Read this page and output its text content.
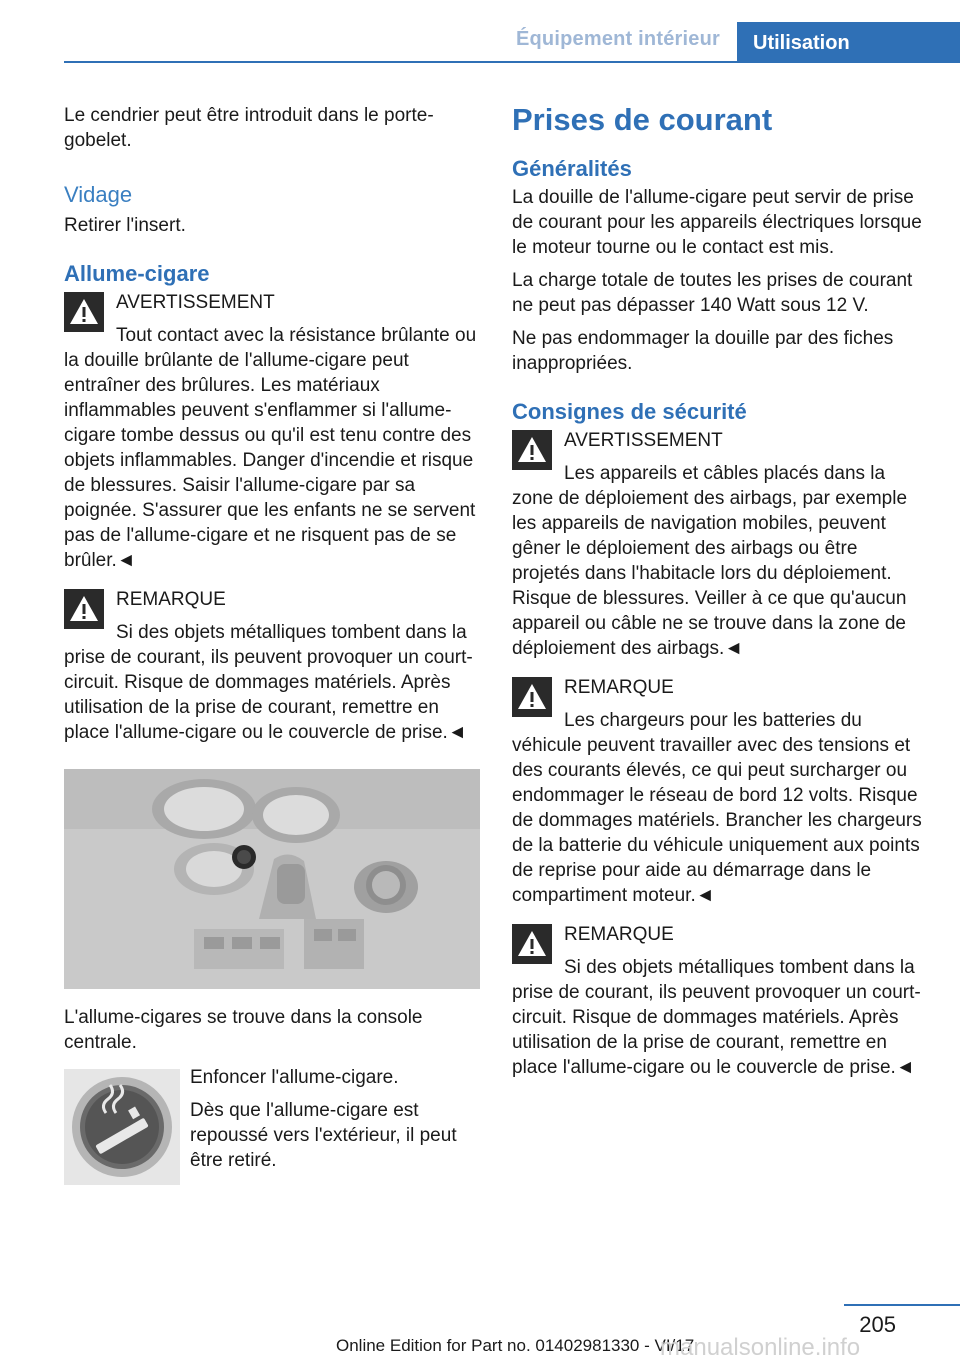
Équipement intérieur	Utilisation

Le cendrier peut être introduit dans le porte-gobelet.

Vidage

Retirer l'insert.

Allume-cigare
AVERTISSEMENT
Tout contact avec la résistance brûlante ou la douille brûlante de l'allume-cigare peut entraîner des brûlures. Les matériaux inflammables peuvent s'enflammer si l'allume-cigare tombe dessus ou qu'il est tenu contre des objets inflammables. Danger d'incendie et risque de blessures. Saisir l'allume-cigare par sa poignée. S'assurer que les enfants ne se servent pas de l'allume-cigare et ne risquent pas de se brûler.◄
REMARQUE
Si des objets métalliques tombent dans la prise de courant, ils peuvent provoquer un court-circuit. Risque de dommages matériels. Après utilisation de la prise de courant, remettre en place l'allume-cigare ou le couvercle de prise.◄

L'allume-cigares se trouve dans la console centrale.

Enfoncer l'allume-cigare.

Dès que l'allume-cigare est repoussé vers l'extérieur, il peut être retiré.

Prises de courant
Généralités

La douille de l'allume-cigare peut servir de prise de courant pour les appareils électriques lorsque le moteur tourne ou le contact est mis.

La charge totale de toutes les prises de courant ne peut pas dépasser 140 Watt sous 12 V.

Ne pas endommager la douille par des fiches inappropriées.

Consignes de sécurité
AVERTISSEMENT
Les appareils et câbles placés dans la zone de déploiement des airbags, par exemple les appareils de navigation mobiles, peuvent gêner le déploiement des airbags ou être projetés dans l'habitacle lors du déploiement. Risque de blessures. Veiller à ce que qu'aucun appareil ou câble ne se trouve dans la zone de déploiement des airbags.◄
REMARQUE
Les chargeurs pour les batteries du véhicule peuvent travailler avec des tensions et des courants élevés, ce qui peut surcharger ou endommager le réseau de bord 12 volts. Risque de dommages matériels. Brancher les chargeurs de la batterie du véhicule uniquement aux points de reprise pour aide au démarrage dans le compartiment moteur.◄
REMARQUE
Si des objets métalliques tombent dans la prise de courant, ils peuvent provoquer un court-circuit. Risque de dommages matériels. Après utilisation de la prise de courant, remettre en place l'allume-cigare ou le couvercle de prise.◄
205
Online Edition for Part no. 01402981330 - VI/17
manualsonline.info
